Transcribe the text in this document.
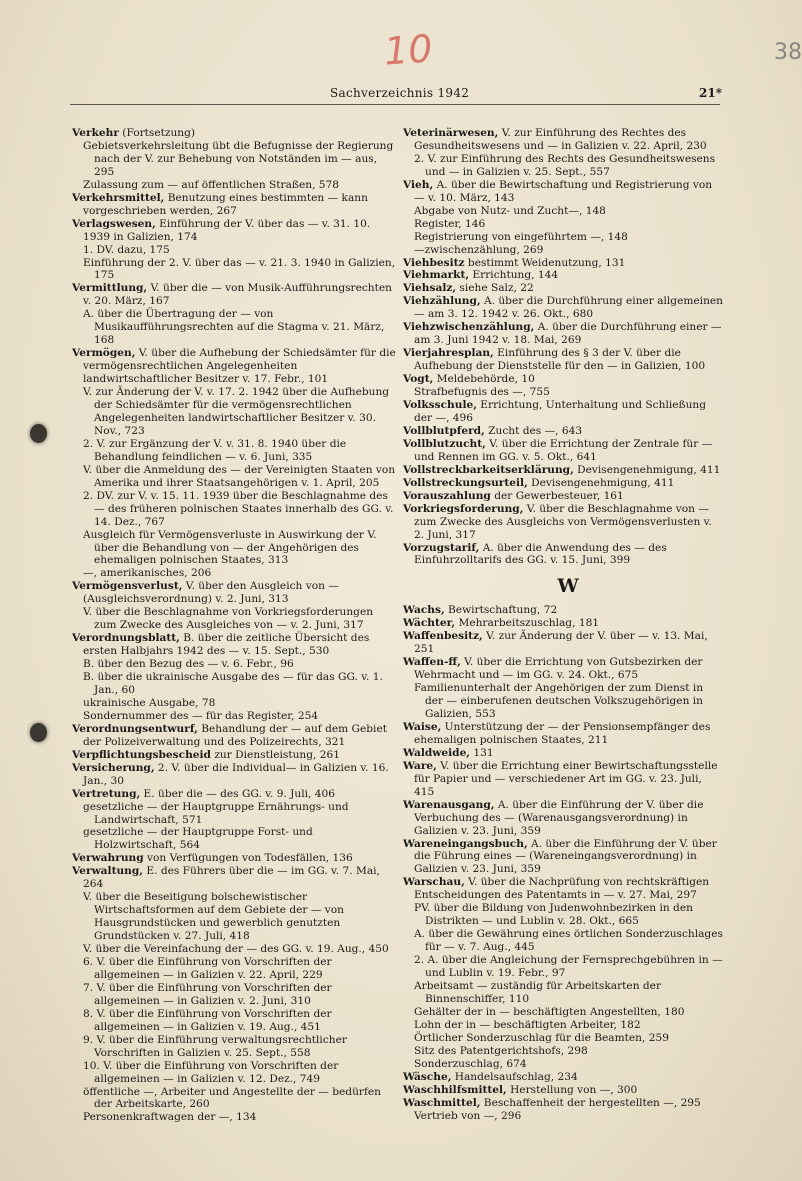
10	38
Sachverzeichnis 1942	21*

Verkehr (Fortsetzung)

Gebietsverkehrsleitung übt die Befugnisse der Regierung nach der V. zur Behebung von Notständen im — aus, 295

Zulassung zum — auf öffentlichen Straßen, 578

Verkehrsmittel, Benutzung eines bestimmten — kann vorgeschrieben werden, 267

Verlagswesen, Einführung der V. über das — v. 31. 10. 1939 in Galizien, 174

1. DV. dazu, 175

Einführung der 2. V. über das — v. 21. 3. 1940 in Galizien, 175

Vermittlung, V. über die — von Musik-Aufführungsrechten v. 20. März, 167

A. über die Übertragung der — von Musikaufführungsrechten auf die Stagma v. 21. März, 168

Vermögen, V. über die Aufhebung der Schiedsämter für die vermögensrechtlichen Angelegenheiten landwirtschaftlicher Besitzer v. 17. Febr., 101

V. zur Änderung der V. v. 17. 2. 1942 über die Aufhebung der Schiedsämter für die vermögensrechtlichen Angelegenheiten landwirtschaftlicher Besitzer v. 30. Nov., 723

2. V. zur Ergänzung der V. v. 31. 8. 1940 über die Behandlung feindlichen — v. 6. Juni, 335

V. über die Anmeldung des — der Vereinigten Staaten von Amerika und ihrer Staatsangehörigen v. 1. April, 205

2. DV. zur V. v. 15. 11. 1939 über die Beschlagnahme des — des früheren polnischen Staates innerhalb des GG. v. 14. Dez., 767

Ausgleich für Vermögensverluste in Auswirkung der V. über die Behandlung von — der Angehörigen des ehemaligen polnischen Staates, 313

—, amerikanisches, 206

Vermögensverlust, V. über den Ausgleich von — (Ausgleichsverordnung) v. 2. Juni, 313

V. über die Beschlagnahme von Vorkriegsforderungen zum Zwecke des Ausgleiches von — v. 2. Juni, 317

Verordnungsblatt, B. über die zeitliche Übersicht des ersten Halbjahrs 1942 des — v. 15. Sept., 530

B. über den Bezug des — v. 6. Febr., 96

B. über die ukrainische Ausgabe des — für das GG. v. 1. Jan., 60

ukrainische Ausgabe, 78

Sondernummer des — für das Register, 254

Verordnungsentwurf, Behandlung der — auf dem Gebiet der Polizeiverwaltung und des Polizeirechts, 321

Verpflichtungsbescheid zur Dienstleistung, 261

Versicherung, 2. V. über die Individual— in Galizien v. 16. Jan., 30

Vertretung, E. über die — des GG. v. 9. Juli, 406

gesetzliche — der Hauptgruppe Ernährungs- und Landwirtschaft, 571

gesetzliche — der Hauptgruppe Forst- und Holzwirtschaft, 564

Verwahrung von Verfügungen von Todesfällen, 136

Verwaltung, E. des Führers über die — im GG. v. 7. Mai, 264

V. über die Beseitigung bolschewistischer Wirtschaftsformen auf dem Gebiete der — von Hausgrundstücken und gewerblich genutzten Grundstücken v. 27. Juli, 418

V. über die Vereinfachung der — des GG. v. 19. Aug., 450

6. V. über die Einführung von Vorschriften der allgemeinen — in Galizien v. 22. April, 229

7. V. über die Einführung von Vorschriften der allgemeinen — in Galizien v. 2. Juni, 310

8. V. über die Einführung von Vorschriften der allgemeinen — in Galizien v. 19. Aug., 451

9. V. über die Einführung verwaltungsrechtlicher Vorschriften in Galizien v. 25. Sept., 558

10. V. über die Einführung von Vorschriften der allgemeinen — in Galizien v. 12. Dez., 749

öffentliche —, Arbeiter und Angestellte der — bedürfen der Arbeitskarte, 260

Personenkraftwagen der —, 134

Veterinärwesen, V. zur Einführung des Rechtes des Gesundheitswesens und — in Galizien v. 22. April, 230

2. V. zur Einführung des Rechts des Gesundheitswesens und — in Galizien v. 25. Sept., 557

Vieh, A. über die Bewirtschaftung und Registrierung von — v. 10. März, 143

Abgabe von Nutz- und Zucht—, 148

Register, 146

Registrierung von eingeführtem —, 148

—zwischenzählung, 269

Viehbesitz bestimmt Weidenutzung, 131

Viehmarkt, Errichtung, 144

Viehsalz, siehe Salz, 22

Viehzählung, A. über die Durchführung einer allgemeinen — am 3. 12. 1942 v. 26. Okt., 680

Viehzwischenzählung, A. über die Durchführung einer — am 3. Juni 1942 v. 18. Mai, 269

Vierjahresplan, Einführung des § 3 der V. über die Aufhebung der Dienststelle für den — in Galizien, 100

Vogt, Meldebehörde, 10

Strafbefugnis des —, 755

Volksschule, Errichtung, Unterhaltung und Schließung der —, 496

Vollblutpferd, Zucht des —, 643

Vollblutzucht, V. über die Errichtung der Zentrale für — und Rennen im GG. v. 5. Okt., 641

Vollstreckbarkeitserklärung, Devisengenehmigung, 411

Vollstreckungsurteil, Devisengenehmigung, 411

Vorauszahlung der Gewerbesteuer, 161

Vorkriegsforderung, V. über die Beschlagnahme von — zum Zwecke des Ausgleichs von Vermögensverlusten v. 2. Juni, 317

Vorzugstarif, A. über die Anwendung des — des Einfuhrzolltarifs des GG. v. 15. Juni, 399

W

Wachs, Bewirtschaftung, 72

Wächter, Mehrarbeitszuschlag, 181

Waffenbesitz, V. zur Änderung der V. über — v. 13. Mai, 251

Waffen-ff, V. über die Errichtung von Gutsbezirken der Wehrmacht und — im GG. v. 24. Okt., 675

Familienunterhalt der Angehörigen der zum Dienst in der — einberufenen deutschen Volkszugehörigen in Galizien, 553

Waise, Unterstützung der — der Pensionsempfänger des ehemaligen polnischen Staates, 211

Waldweide, 131

Ware, V. über die Errichtung einer Bewirtschaftungsstelle für Papier und — verschiedener Art im GG. v. 23. Juli, 415

Warenausgang, A. über die Einführung der V. über die Verbuchung des — (Warenausgangsverordnung) in Galizien v. 23. Juni, 359

Wareneingangsbuch, A. über die Einführung der V. über die Führung eines — (Wareneingangsverordnung) in Galizien v. 23. Juni, 359

Warschau, V. über die Nachprüfung von rechtskräftigen Entscheidungen des Patentamts in — v. 27. Mai, 297

PV. über die Bildung von Judenwohnbezirken in den Distrikten — und Lublin v. 28. Okt., 665

A. über die Gewährung eines örtlichen Sonderzuschlages für — v. 7. Aug., 445

2. A. über die Angleichung der Fernsprechgebühren in — und Lublin v. 19. Febr., 97

Arbeitsamt — zuständig für Arbeitskarten der Binnenschiffer, 110

Gehälter der in — beschäftigten Angestellten, 180

Lohn der in — beschäftigten Arbeiter, 182

Örtlicher Sonderzuschlag für die Beamten, 259

Sitz des Patentgerichtshofs, 298

Sonderzuschlag, 674

Wäsche, Handelsaufschlag, 234

Waschhilfsmittel, Herstellung von —, 300

Waschmittel, Beschaffenheit der hergestellten —, 295

Vertrieb von —, 296
